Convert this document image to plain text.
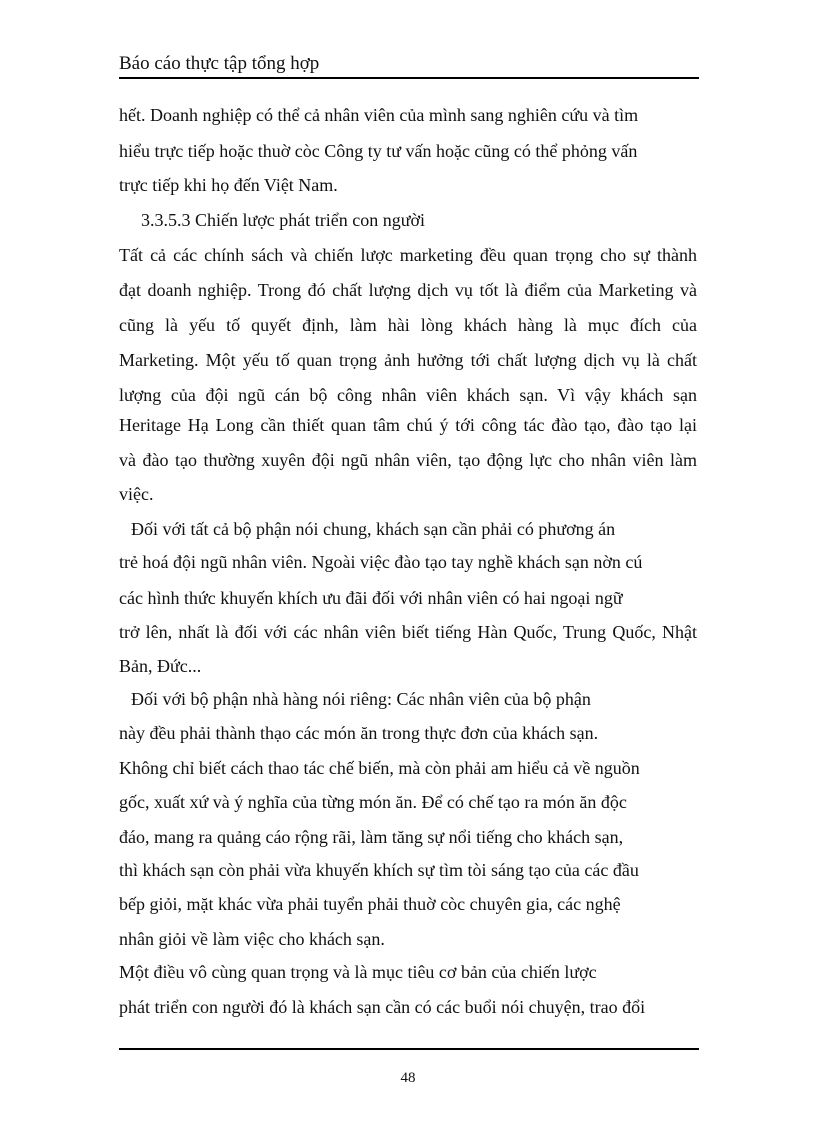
Báo cáo thực tập tổng hợp
hết. Doanh nghiệp có thể cả nhân viên của mình sang nghiên cứu và tìm
hiểu trực tiếp hoặc thuờ còc Công ty tư vấn hoặc cũng có thể phỏng vấn
trực tiếp khi họ đến Việt Nam.
3.3.5.3 Chiến lược phát triển con người
Tất cả các chính sách và chiến lược marketing đều quan trọng cho sự thành
đạt doanh nghiệp. Trong đó chất lượng dịch vụ tốt là điểm của Marketing và
cũng là yếu tố quyết định, làm hài lòng khách hàng là mục đích của
Marketing. Một yếu tố quan trọng ảnh hưởng tới chất lượng dịch vụ là chất
lượng của đội ngũ cán bộ công nhân viên khách sạn. Vì vậy khách sạn
Heritage Hạ Long cần thiết quan tâm chú ý tới công tác đào tạo, đào tạo lại
và đào tạo thường xuyên đội ngũ nhân viên, tạo động lực cho nhân viên làm
việc.
Đối với tất cả bộ phận nói chung, khách sạn cần phải có phương án
trẻ hoá đội ngũ nhân viên. Ngoài việc đào tạo tay nghề khách sạn nờn cú
các hình thức khuyến khích ưu đãi đối với nhân viên có hai ngoại ngữ
trở lên, nhất là đối với các nhân viên biết tiếng Hàn Quốc, Trung Quốc, Nhật
Bản, Đức...
Đối với bộ phận nhà hàng nói riêng: Các nhân viên của bộ phận
này đều phải thành thạo các món ăn trong thực đơn của khách sạn.
Không chỉ biết cách thao tác chế biến, mà còn phải am hiểu cả về nguồn
gốc, xuất xứ và ý nghĩa của từng món ăn. Để có chế tạo ra món ăn độc
đáo, mang ra quảng cáo rộng rãi, làm tăng sự nổi tiếng cho khách sạn,
thì khách sạn còn phải vừa khuyến khích sự tìm tòi sáng tạo của các đầu
bếp giỏi, mặt khác vừa phải tuyển phải thuờ còc chuyên gia, các nghệ
nhân giỏi về làm việc cho khách sạn.
Một điều vô cùng quan trọng và là mục tiêu cơ bản của chiến lược
phát triển con người đó là khách sạn cần có các buổi nói chuyện, trao đổi
48
